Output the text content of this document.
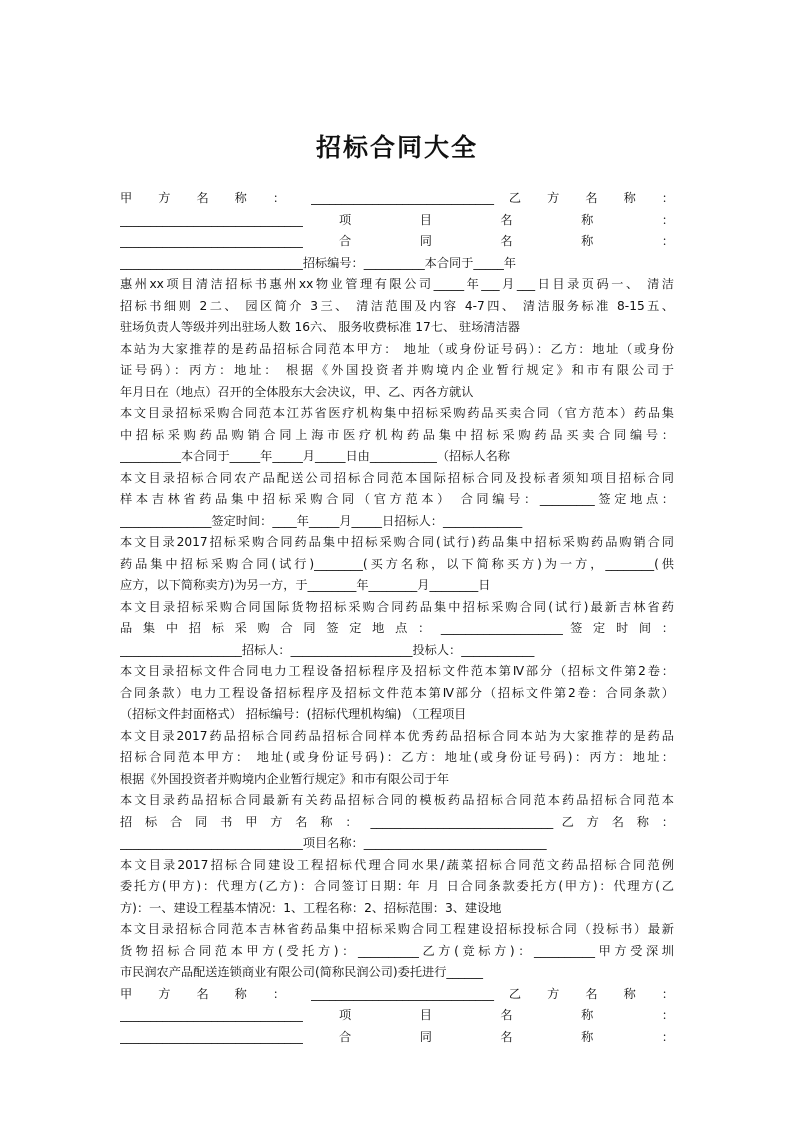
招标合同大全
甲 方 名 称 ： ______________________________ 乙 方 名 称 ：
______________________________ 项 目 名 称 ：
______________________________ 合 同 名 称 ：
______________________________招标编号：__________本合同于_____年
惠州xx项目清洁招标书惠州xx物业管理有限公司_____年___月___日目录页码一、 清洁
招标书细则 2二、 园区简介 3三、 清洁范围及内容 4-7四、 清洁服务标准 8-15五、
驻场负责人等级并列出驻场人数 16六、 服务收费标准 17七、 驻场清洁器
本站为大家推荐的是药品招标合同范本甲方： 地址（或身份证号码）：乙方：地址（或身份
证号码）：丙方：地址： 根据《外国投资者并购境内企业暂行规定》和市有限公司于
年月日在（地点）召开的全体股东大会决议，甲、乙、丙各方就认
本文目录招标采购合同范本江苏省医疗机构集中招标采购药品买卖合同（官方范本）药品集
中招标采购药品购销合同上海市医疗机构药品集中招标采购药品买卖合同编号：
__________本合同于_____年_____月_____日由___________（招标人名称
本文目录招标合同农产品配送公司招标合同范本国际招标合同及投标者须知项目招标合同
样本吉林省药品集中招标采购合同（官方范本） 合同编号：_________签定地点：
_______________签定时间：____年_____月_____日招标人：_____________
本文目录2017招标采购合同药品集中招标采购合同(试行)药品集中招标采购药品购销合同
药品集中招标采购合同(试行)________(买方名称，以下简称买方)为一方，________(供
应方，以下简称卖方)为另一方，于________年________月________日
本文目录招标采购合同国际货物招标采购合同药品集中招标采购合同(试行)最新吉林省药
品 集 中 招 标 采 购 合 同 签 定 地 点 ： ____________________ 签 定 时 间 ：
____________________招标人：____________________投标人：____________
本文目录招标文件合同电力工程设备招标程序及招标文件范本第Ⅳ部分（招标文件第2卷：
合同条款）电力工程设备招标程序及招标文件范本第Ⅳ部分（招标文件第2卷：合同条款）
（招标文件封面格式） 招标编号：(招标代理机构编) （工程项目
本文目录2017药品招标合同药品招标合同样本优秀药品招标合同本站为大家推荐的是药品
招标合同范本甲方： 地址(或身份证号码)：乙方：地址(或身份证号码)：丙方：地址：
根据《外国投资者并购境内企业暂行规定》和市有限公司于年
本文目录药品招标合同最新有关药品招标合同的模板药品招标合同范本药品招标合同范本
招 标 合 同 书 甲 方 名 称 ： ______________________________ 乙 方 名 称 ：
______________________________项目名称：______________________________
本文目录2017招标合同建设工程招标代理合同水果/蔬菜招标合同范文药品招标合同范例
委托方(甲方)：代理方(乙方)：合同签订日期: 年 月 日合同条款委托方(甲方)：代理方(乙
方)：一、建设工程基本情况：1、工程名称：2、招标范围：3、建设地
本文目录招标合同范本吉林省药品集中招标采购合同工程建设招标投标合同（投标书）最新
货物招标合同范本甲方(受托方)：__________乙方(竞标方)：__________甲方受深圳
市民润农产品配送连锁商业有限公司(简称民润公司)委托进行______
甲 方 名 称 ： ______________________________ 乙 方 名 称 ：
______________________________ 项 目 名 称 ：
______________________________ 合 同 名 称 ：
